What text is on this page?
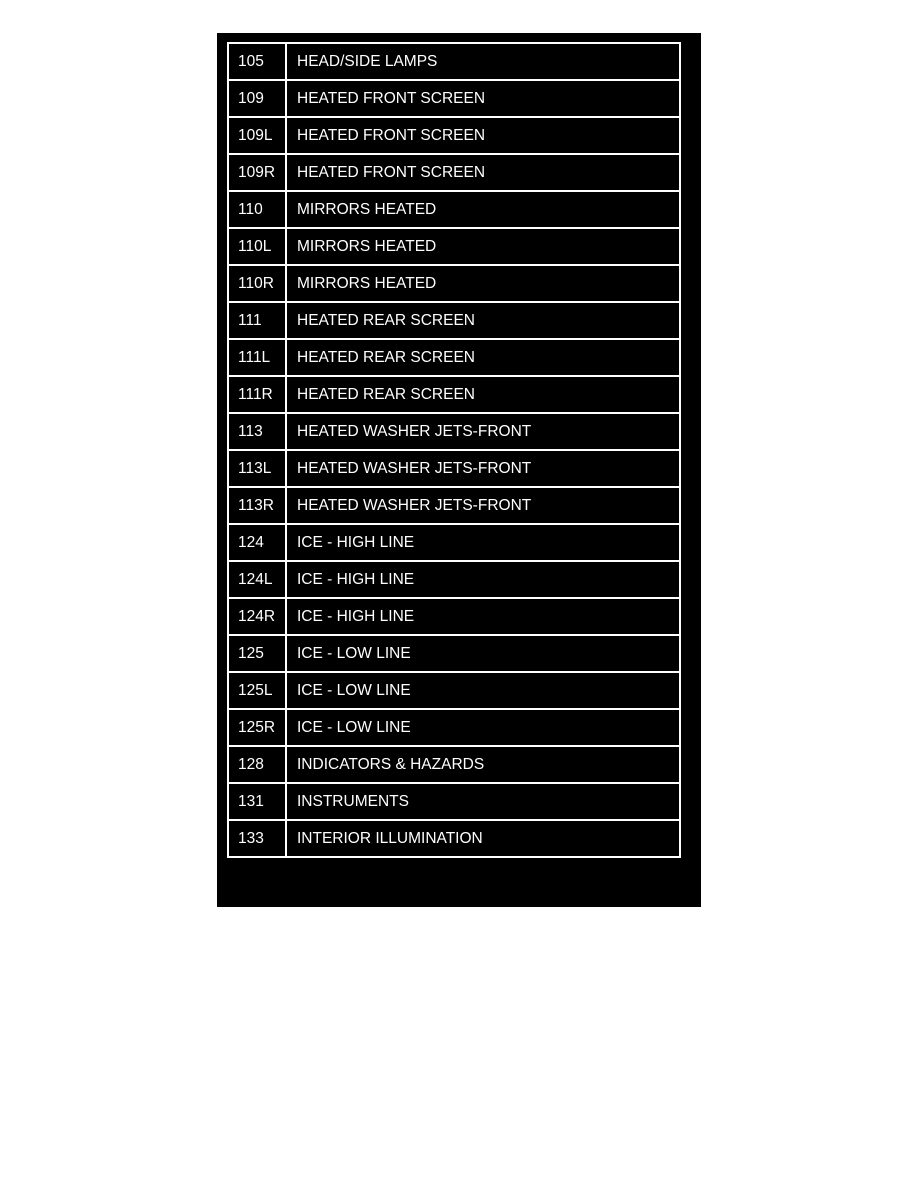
105	HEAD/SIDE LAMPS
109	HEATED FRONT SCREEN
109L	HEATED FRONT SCREEN
109R	HEATED FRONT SCREEN
110	MIRRORS HEATED
110L	MIRRORS HEATED
110R	MIRRORS HEATED
111	HEATED REAR SCREEN
111L	HEATED REAR SCREEN
111R	HEATED REAR SCREEN
113	HEATED WASHER JETS-FRONT
113L	HEATED WASHER JETS-FRONT
113R	HEATED WASHER JETS-FRONT
124	ICE - HIGH LINE
124L	ICE - HIGH LINE
124R	ICE - HIGH LINE
125	ICE - LOW LINE
125L	ICE - LOW LINE
125R	ICE - LOW LINE
128	INDICATORS & HAZARDS
131	INSTRUMENTS
133	INTERIOR ILLUMINATION
